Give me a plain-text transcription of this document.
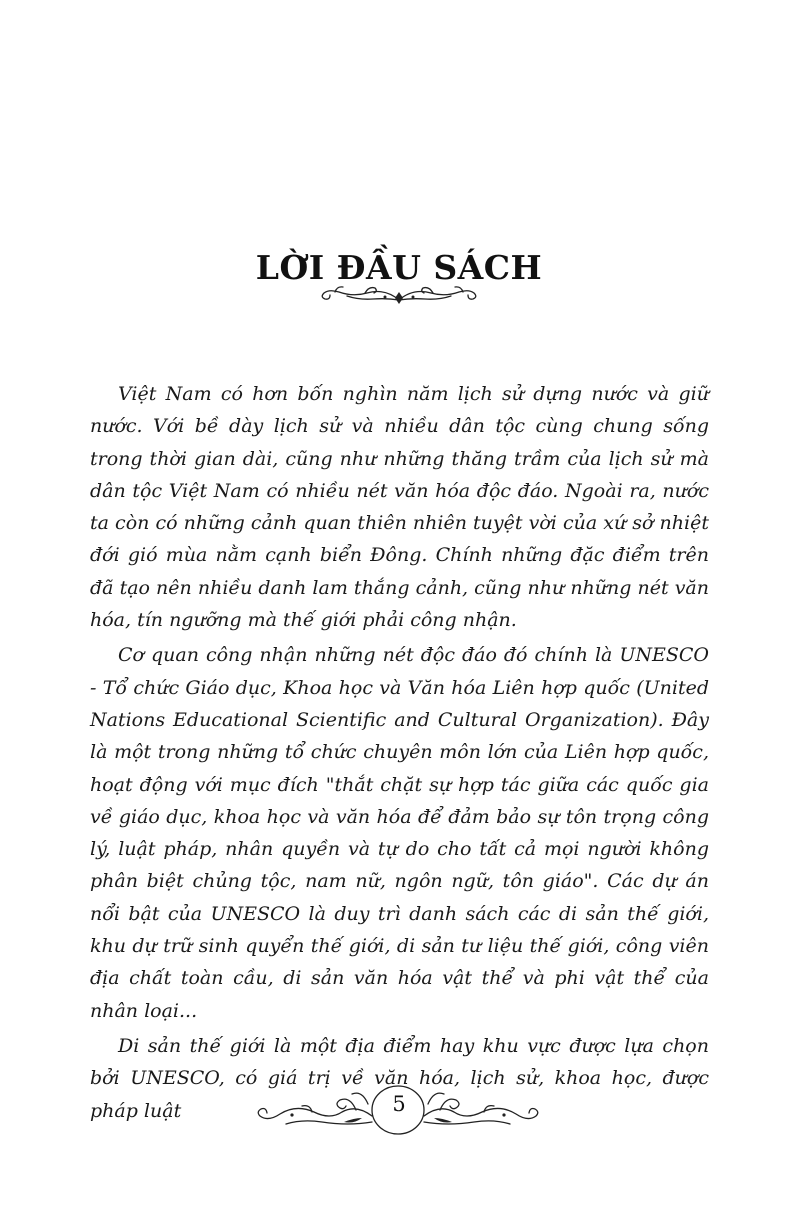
LỜI ĐẦU SÁCH

Việt Nam có hơn bốn nghìn năm lịch sử dựng nước và giữ nước. Với bề dày lịch sử và nhiều dân tộc cùng chung sống trong thời gian dài, cũng như những thăng trầm của lịch sử mà dân tộc Việt Nam có nhiều nét văn hóa độc đáo. Ngoài ra, nước ta còn có những cảnh quan thiên nhiên tuyệt vời của xứ sở nhiệt đới gió mùa nằm cạnh biển Đông. Chính những đặc điểm trên đã tạo nên nhiều danh lam thắng cảnh, cũng như những nét văn hóa, tín ngưỡng mà thế giới phải công nhận.

Cơ quan công nhận những nét độc đáo đó chính là UNESCO - Tổ chức Giáo dục, Khoa học và Văn hóa Liên hợp quốc (United Nations Educational Scientific and Cultural Organization). Đây là một trong những tổ chức chuyên môn lớn của Liên hợp quốc, hoạt động với mục đích "thắt chặt sự hợp tác giữa các quốc gia về giáo dục, khoa học và văn hóa để đảm bảo sự tôn trọng công lý, luật pháp, nhân quyền và tự do cho tất cả mọi người không phân biệt chủng tộc, nam nữ, ngôn ngữ, tôn giáo". Các dự án nổi bật của UNESCO là duy trì danh sách các di sản thế giới, khu dự trữ sinh quyển thế giới, di sản tư liệu thế giới, công viên địa chất toàn cầu, di sản văn hóa vật thể và phi vật thể của nhân loại...

Di sản thế giới là một địa điểm hay khu vực được lựa chọn bởi UNESCO, có giá trị về văn hóa, lịch sử, khoa học, được pháp luật	5
